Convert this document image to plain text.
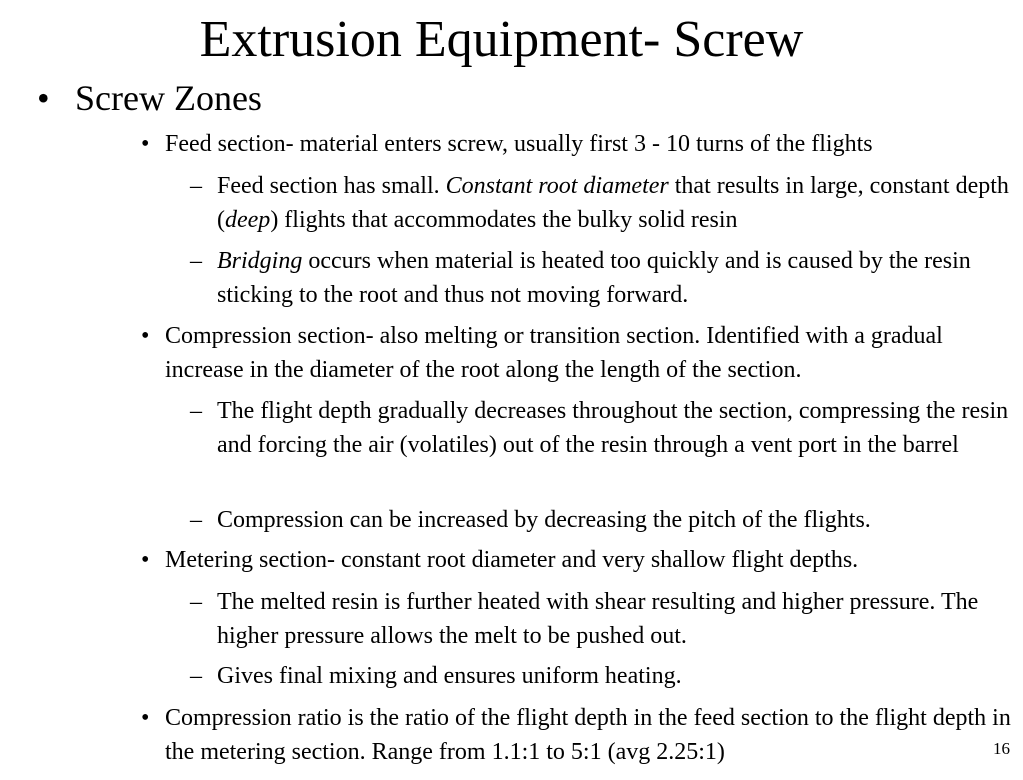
Extrusion Equipment- Screw
• Screw Zones
• Feed section- material enters screw, usually first 3 - 10 turns of the flights
– Feed section has small. Constant root diameter that results in large, constant depth (deep) flights that accommodates the bulky solid resin
– Bridging occurs when material is heated too quickly and is caused by the resin sticking to the root and thus not moving forward.
• Compression section- also melting or transition section. Identified with a gradual increase in the diameter of the root along the length of the section.
– The flight depth gradually decreases throughout the section, compressing the resin and forcing the air (volatiles) out of the resin through a vent port in the barrel
– Compression can be increased by decreasing the pitch of the flights.
• Metering section- constant root diameter and very shallow flight depths.
– The melted resin is further heated with shear resulting and higher pressure. The higher pressure allows the melt to be pushed out.
– Gives final mixing and ensures uniform heating.
• Compression ratio is the ratio of the flight depth in the feed section to the flight depth in the metering section. Range from 1.1:1 to 5:1 (avg 2.25:1)	16
